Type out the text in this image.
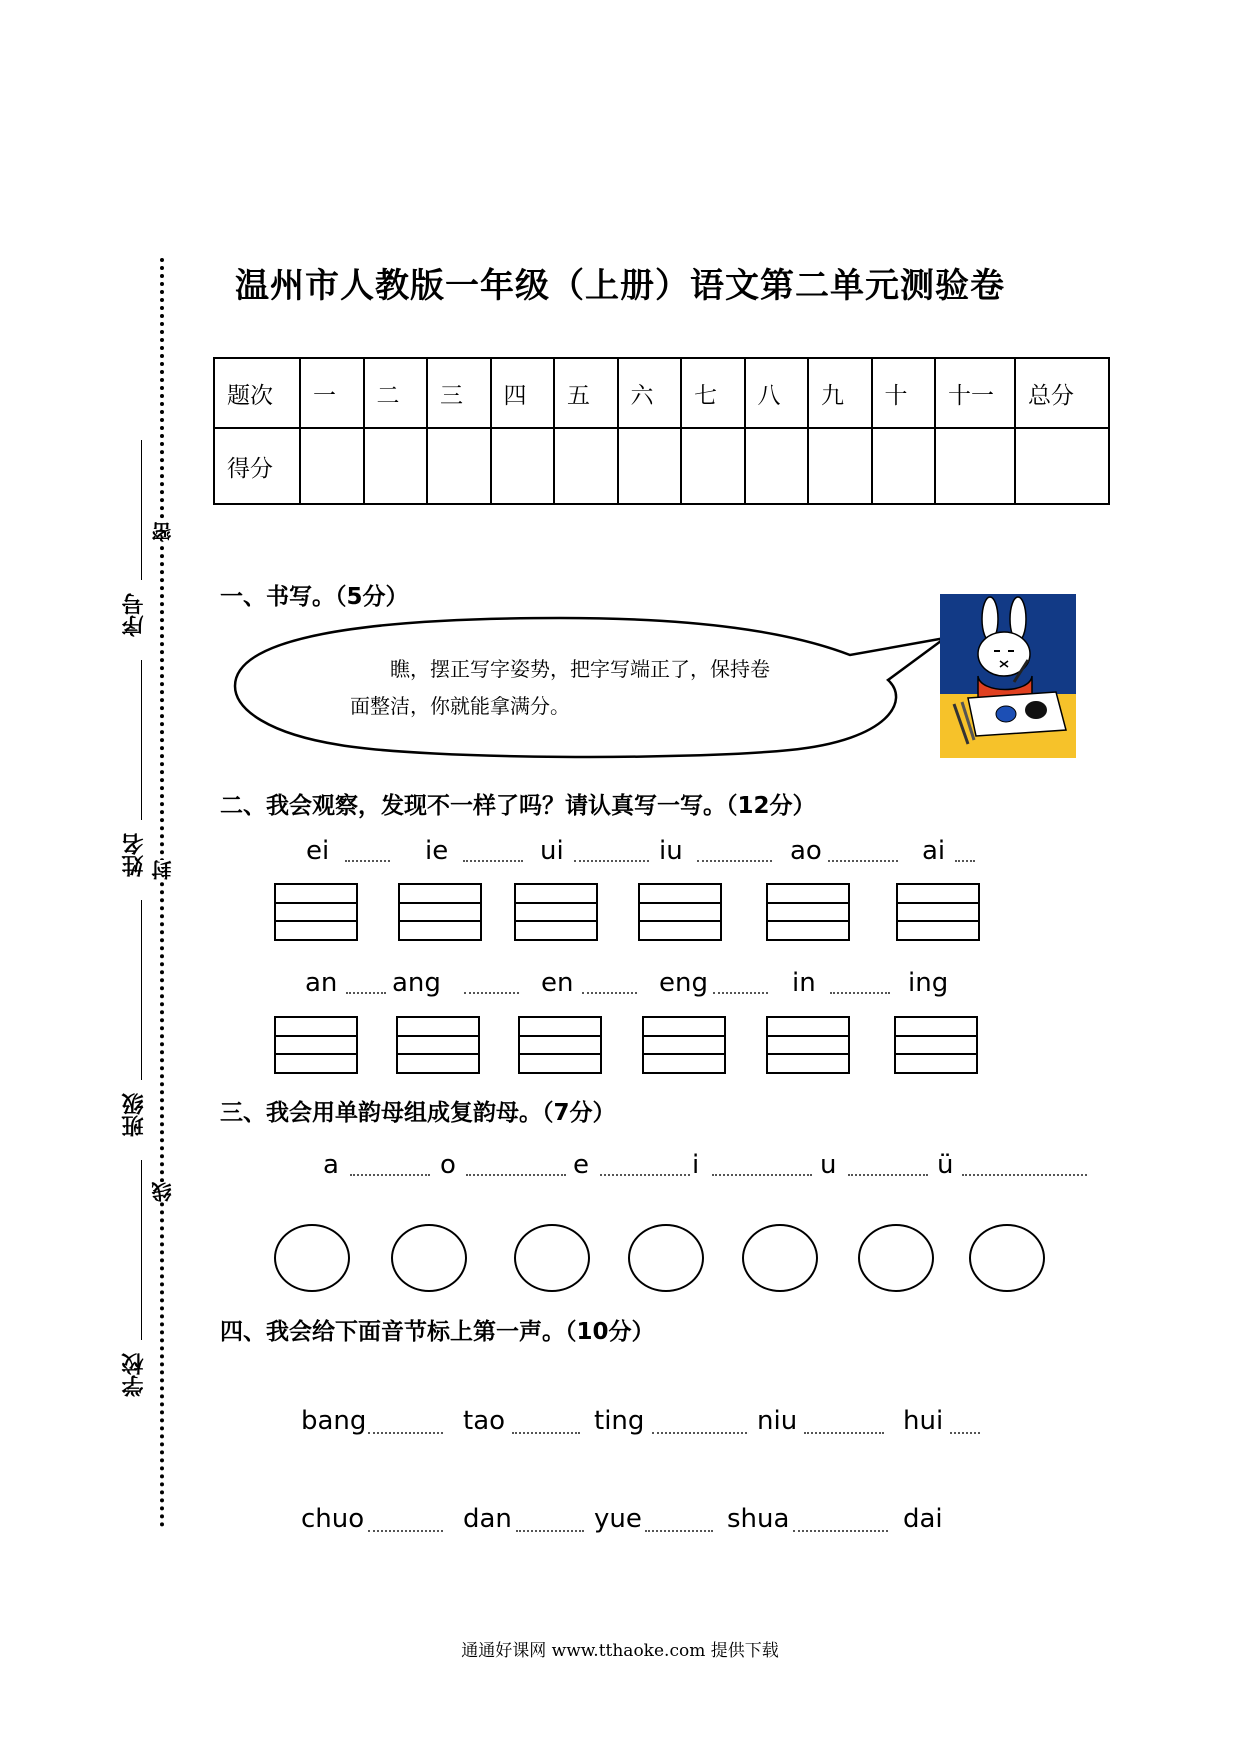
序号
姓名
班级
学校
密
封
线
温州市人教版一年级（上册）语文第二单元测验卷
题次	一	二	三	四	五	六	七	八	九	十	十一	总分
得分												
一、书写。（5分）
瞧，摆正写字姿势，把字写端正了，保持卷
面整洁，你就能拿满分。
二、我会观察，发现不一样了吗？请认真写一写。（12分）
ei	ie	ui	iu	ao	ai
an ang	en	eng	in	ing
三、我会用单韵母组成复韵母。（7分）
a	o	e	i	u	ü
四、我会给下面音节标上第一声。（10分）
bang	tao	ting	niu	hui
chuo	dan	yue	shua	dai
通通好课网 www.tthaoke.com 提供下载
